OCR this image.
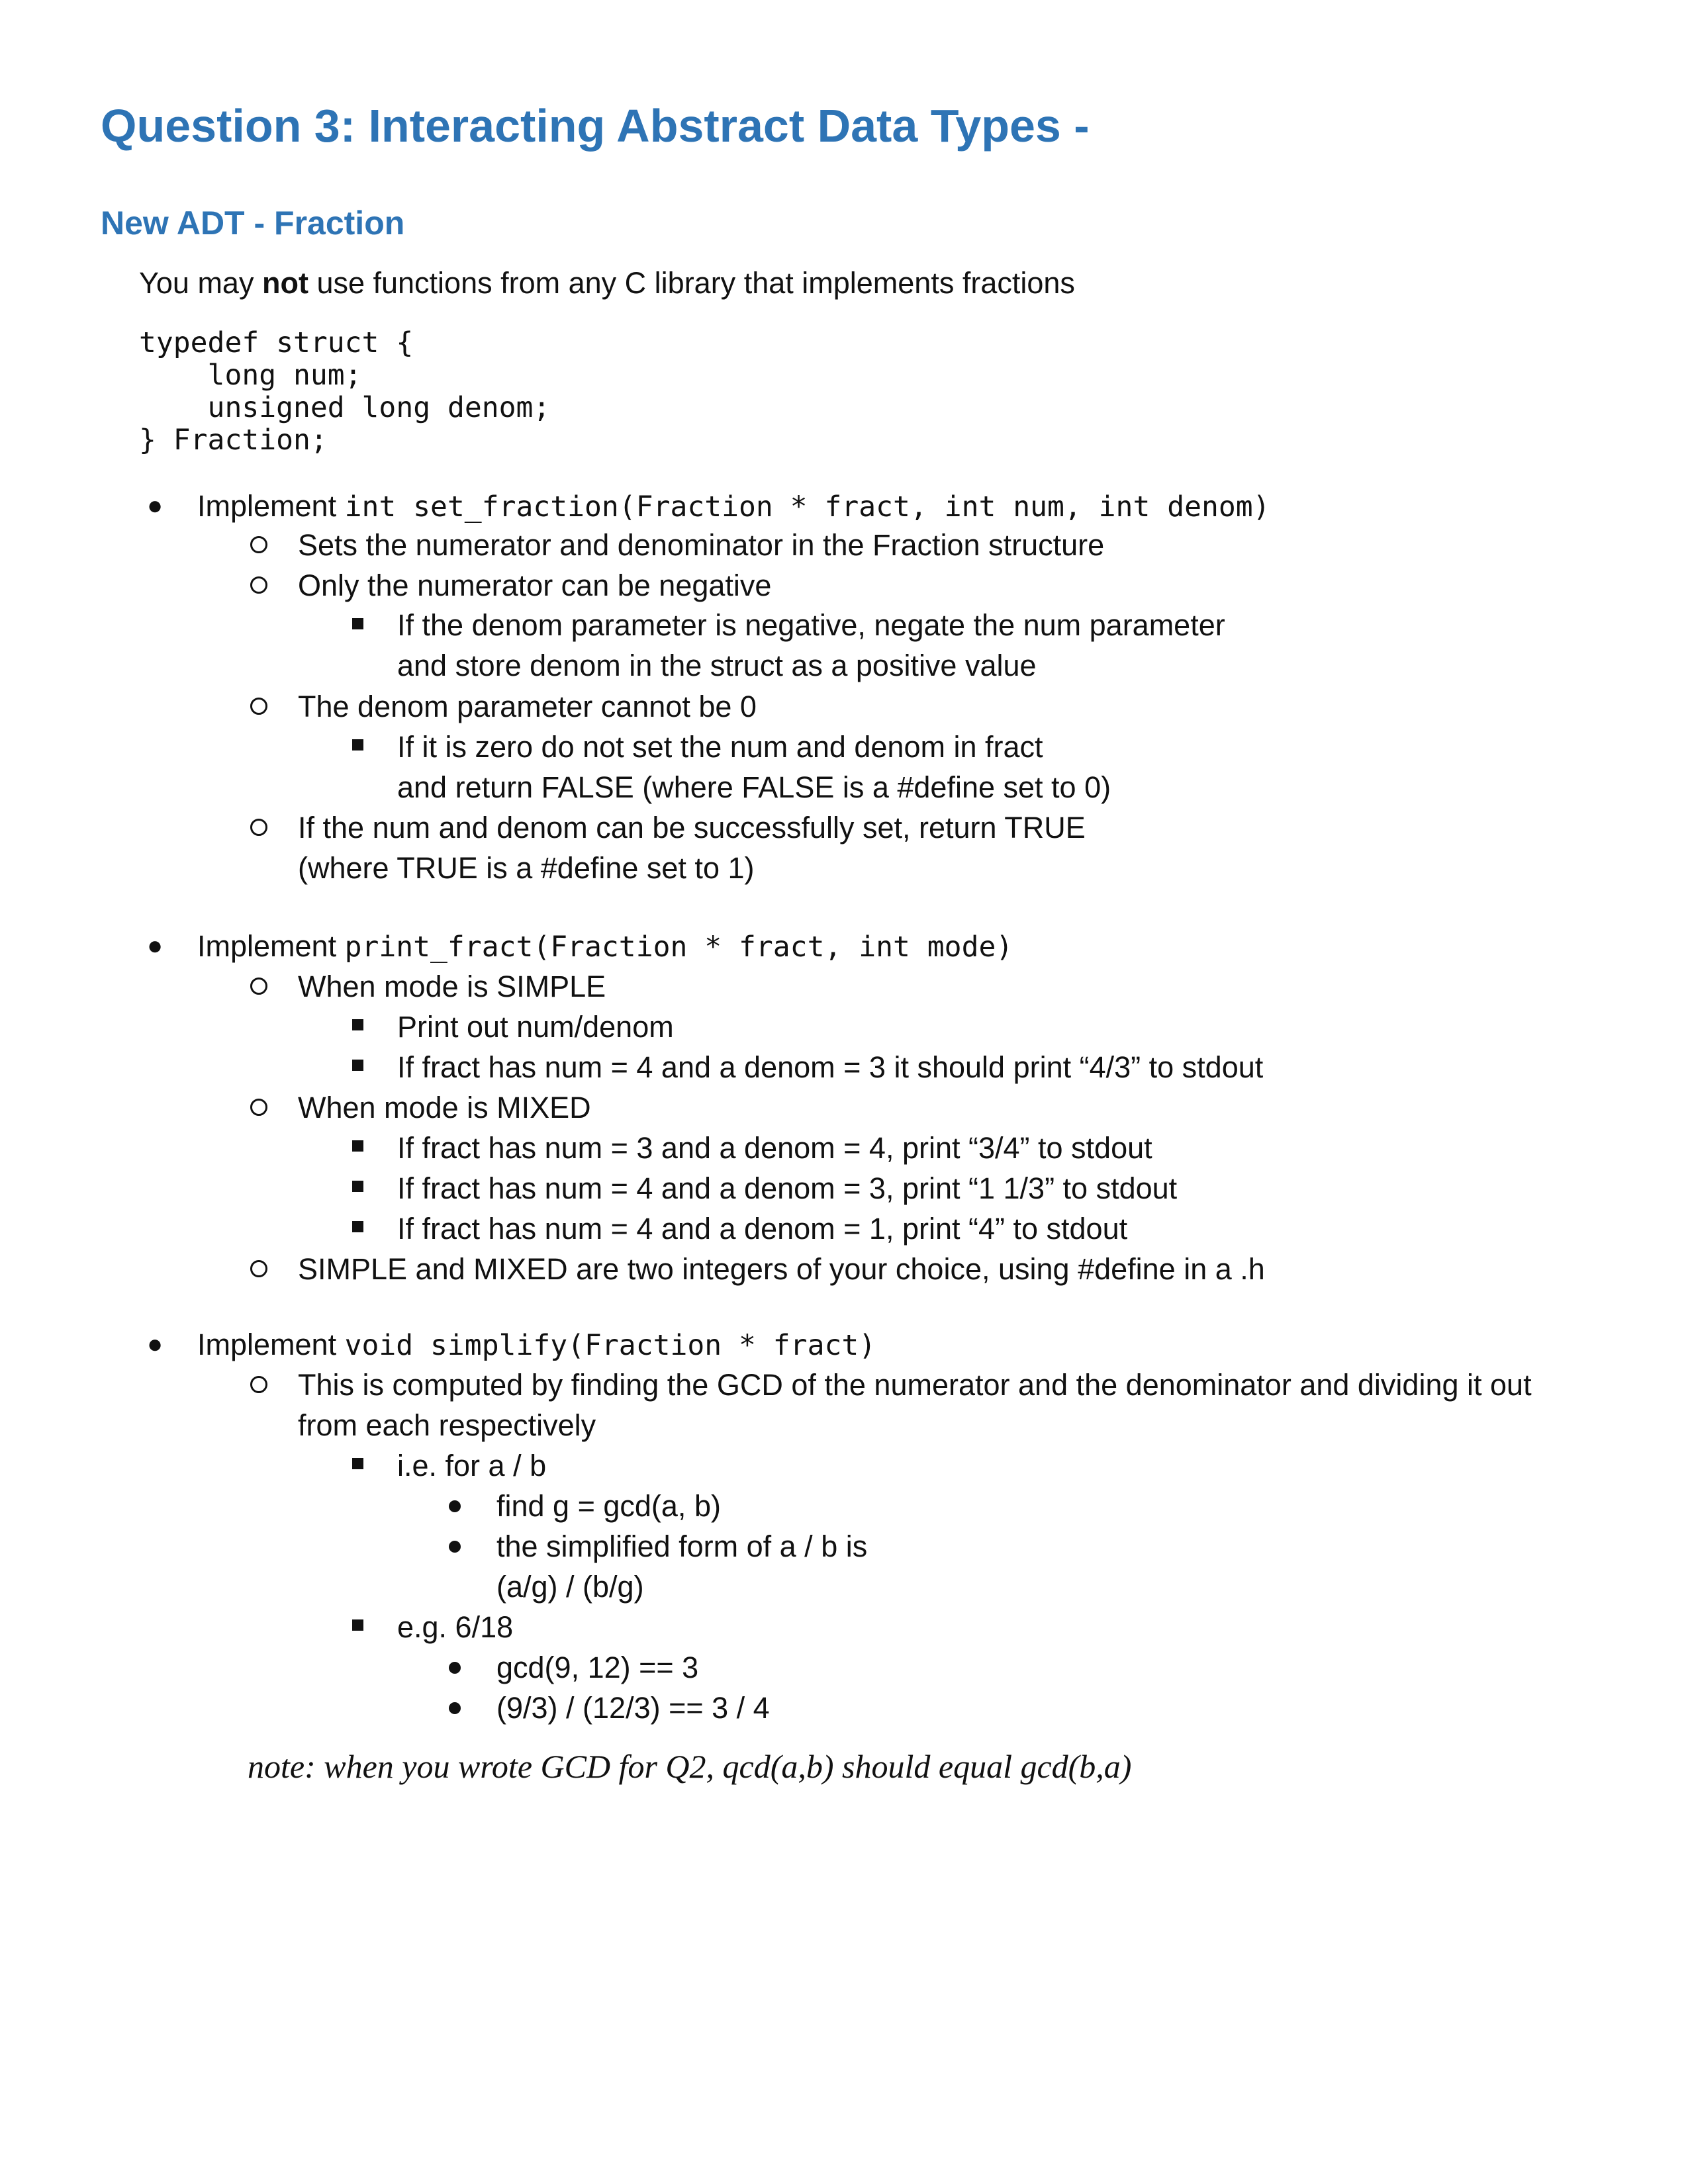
Question 3: Interacting Abstract Data Types -
New ADT - Fraction
You may not use functions from any C library that implements fractions
typedef struct {
long num;
unsigned long denom;
} Fraction;
● Implement int set_fraction(Fraction * fract, int num, int denom)
Sets the numerator and denominator in the Fraction structure
Only the numerator can be negative
If the denom parameter is negative, negate the num parameter
and store denom in the struct as a positive value
The denom parameter cannot be 0
If it is zero do not set the num and denom in fract
and return FALSE (where FALSE is a #define set to 0)
If the num and denom can be successfully set, return TRUE
(where TRUE is a #define set to 1)
● Implement print_fract(Fraction * fract, int mode)
When mode is SIMPLE
Print out num/denom
If fract has num = 4 and a denom = 3 it should print “4/3” to stdout
When mode is MIXED
If fract has num = 3 and a denom = 4, print “3/4” to stdout
If fract has num = 4 and a denom = 3, print “1 1/3” to stdout
If fract has num = 4 and a denom = 1, print “4” to stdout
SIMPLE and MIXED are two integers of your choice, using #define in a .h
● Implement void simplify(Fraction * fract)
This is computed by finding the GCD of the numerator and the denominator and dividing it out
from each respectively
i.e. for a / b
find g = gcd(a, b)
the simplified form of a / b is
(a/g) / (b/g)
e.g. 6/18
gcd(9, 12) == 3
(9/3) / (12/3) == 3 / 4
note: when you wrote GCD for Q2, qcd(a,b) should equal gcd(b,a)
